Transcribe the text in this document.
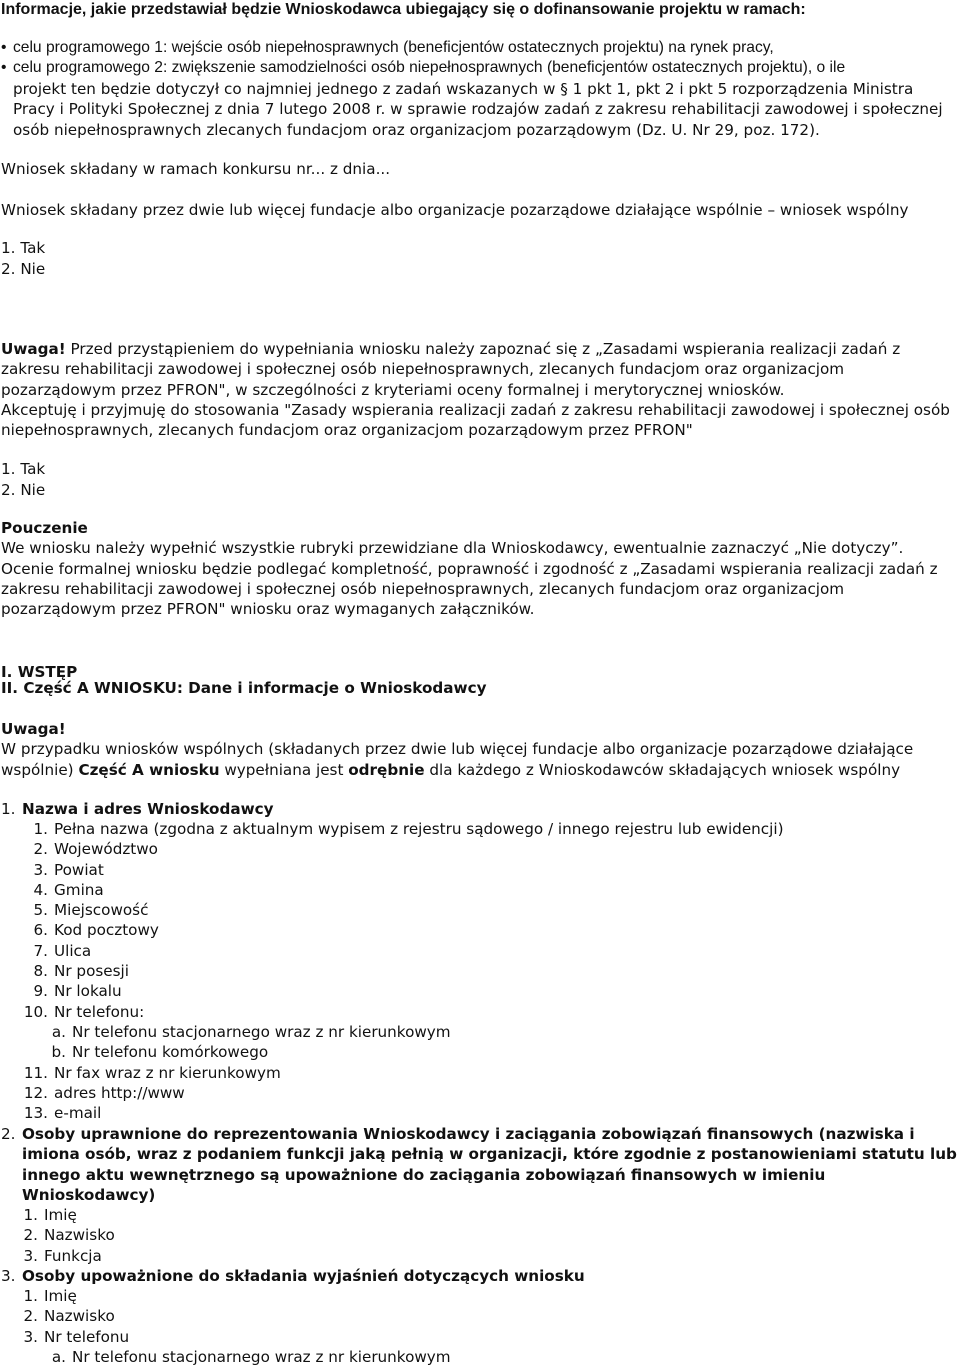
Informacje, jakie przedstawiał będzie Wnioskodawca ubiegający się o dofinansowanie projektu w ramach:
• celu programowego 1: wejście osób niepełnosprawnych (beneficjentów ostatecznych projektu) na rynek pracy,
• celu programowego 2: zwiększenie samodzielności osób niepełnosprawnych (beneficjentów ostatecznych projektu), o ile

projekt ten będzie dotyczył co najmniej jednego z zadań wskazanych w § 1 pkt 1, pkt 2 i pkt 5 rozporządzenia Ministra

Pracy i Polityki Społecznej z dnia 7 lutego 2008 r. w sprawie rodzajów zadań z zakresu rehabilitacji zawodowej i społecznej

osób niepełnosprawnych zlecanych fundacjom oraz organizacjom pozarządowym (Dz. U. Nr 29, poz. 172).

Wniosek składany w ramach konkursu nr... z dnia...
Wniosek składany przez dwie lub więcej fundacje albo organizacje pozarządowe działające wspólnie – wniosek wspólny
1. Tak
2. Nie
I. WSTĘP

Uwaga! Przed przystąpieniem do wypełniania wniosku należy zapoznać się z „Zasadami wspierania realizacji zadań z

zakresu rehabilitacji zawodowej i społecznej osób niepełnosprawnych, zlecanych fundacjom oraz organizacjom

pozarządowym przez PFRON", w szczególności z kryteriami oceny formalnej i merytorycznej wniosków.

Akceptuję i przyjmuję do stosowania "Zasady wspierania realizacji zadań z zakresu rehabilitacji zawodowej i społecznej osób

niepełnosprawnych, zlecanych fundacjom oraz organizacjom pozarządowym przez PFRON"

1. Tak
2. Nie

Pouczenie

We wniosku należy wypełnić wszystkie rubryki przewidziane dla Wnioskodawcy, ewentualnie zaznaczyć „Nie dotyczy”.

Ocenie formalnej wniosku będzie podlegać kompletność, poprawność i zgodność z „Zasadami wspierania realizacji zadań z

zakresu rehabilitacji zawodowej i społecznej osób niepełnosprawnych, zlecanych fundacjom oraz organizacjom

pozarządowym przez PFRON" wniosku oraz wymaganych załączników.

II. Część A WNIOSKU: Dane i informacje o Wnioskodawcy

Uwaga!

W przypadku wniosków wspólnych (składanych przez dwie lub więcej fundacje albo organizacje pozarządowe działające

wspólnie) Część A wniosku wypełniana jest odrębnie dla każdego z Wnioskodawców składających wniosek wspólny

1. Nazwa i adres Wnioskodawcy
1. Pełna nazwa (zgodna z aktualnym wypisem z rejestru sądowego / innego rejestru lub ewidencji)
2. Województwo
3. Powiat
4. Gmina
5. Miejscowość
6. Kod pocztowy
7. Ulica
8. Nr posesji
9. Nr lokalu
10. Nr telefonu:
a. Nr telefonu stacjonarnego wraz z nr kierunkowym
b. Nr telefonu komórkowego
11. Nr fax wraz z nr kierunkowym
12. adres http://www
13. e-mail
2. Osoby uprawnione do reprezentowania Wnioskodawcy i zaciągania zobowiązań finansowych (nazwiska i
imiona osób, wraz z podaniem funkcji jaką pełnią w organizacji, które zgodnie z postanowieniami statutu lub
innego aktu wewnętrznego są upoważnione do zaciągania zobowiązań finansowych w imieniu
Wnioskodawcy)
1. Imię
2. Nazwisko
3. Funkcja
3. Osoby upoważnione do składania wyjaśnień dotyczących wniosku
1. Imię
2. Nazwisko
3. Nr telefonu
a. Nr telefonu stacjonarnego wraz z nr kierunkowym
